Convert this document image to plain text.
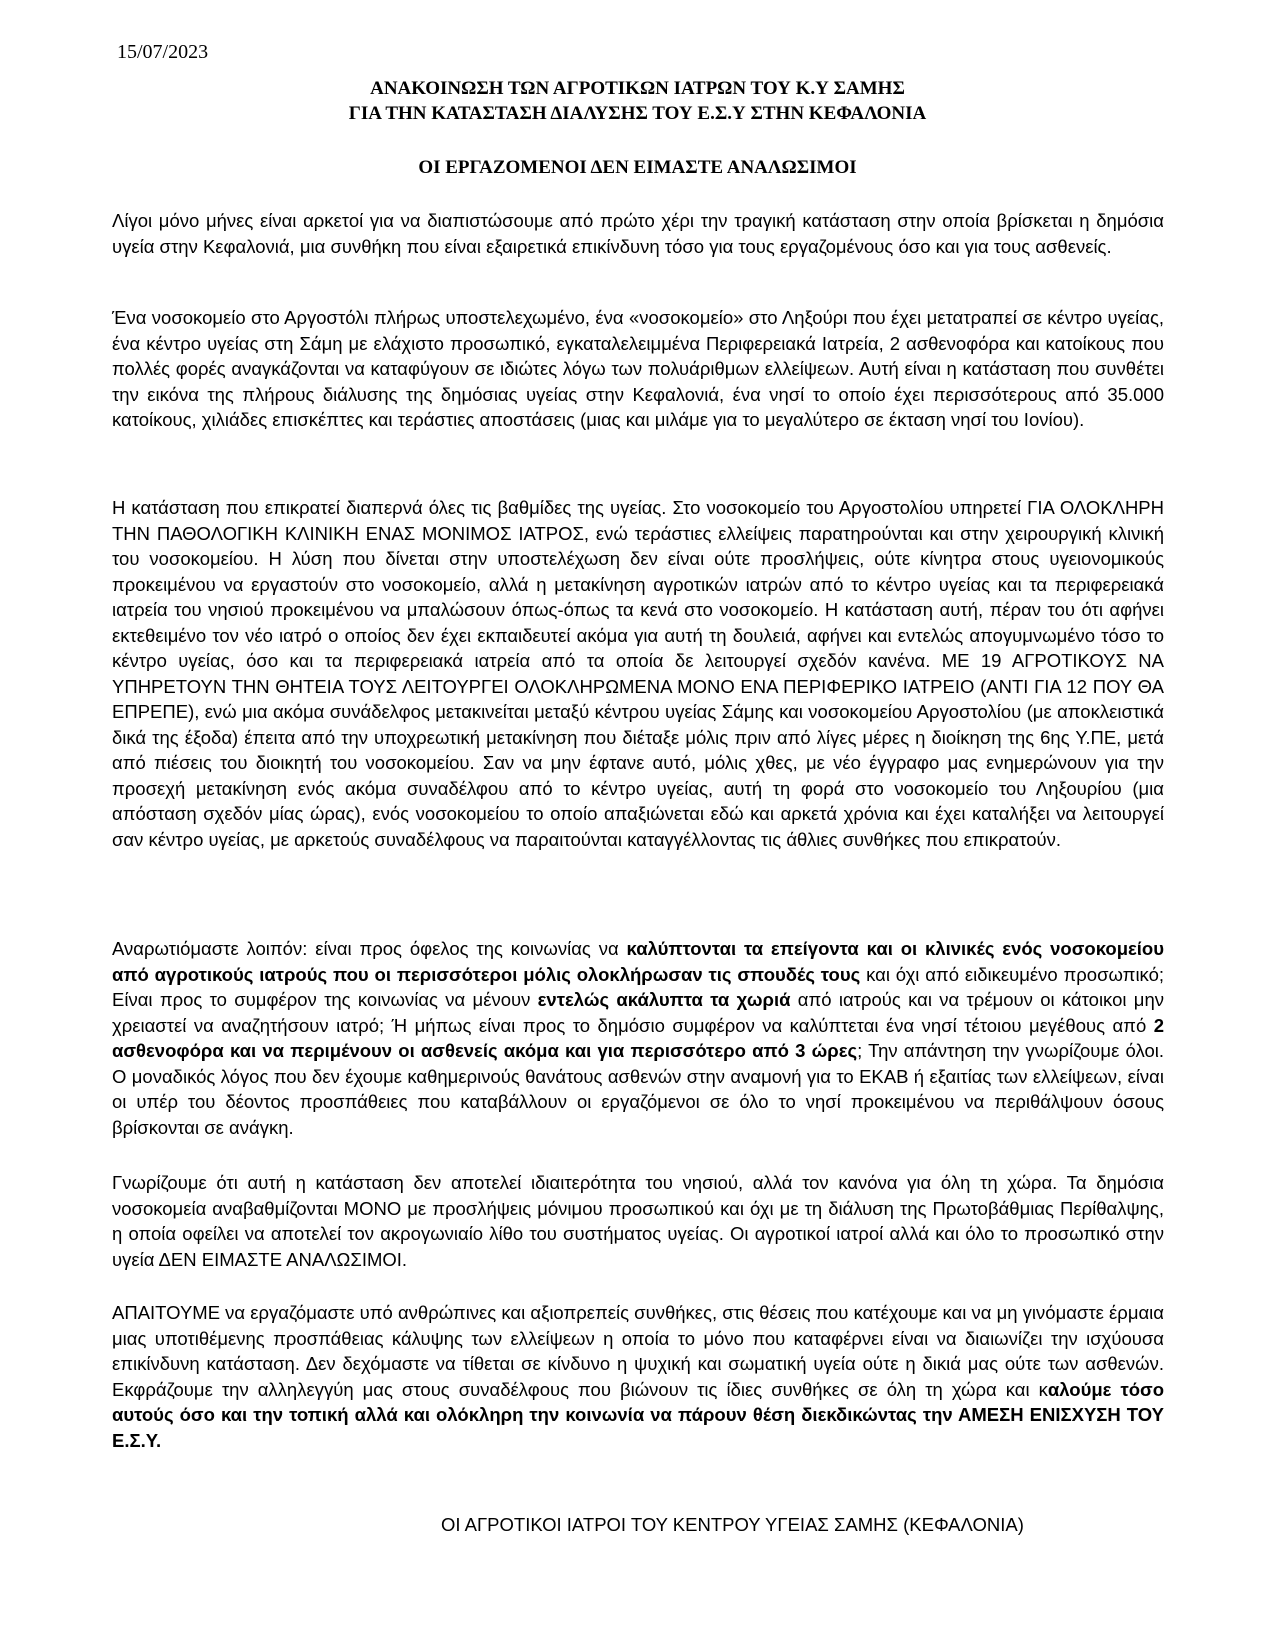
15/07/2023
ΑΝΑΚΟΙΝΩΣΗ ΤΩΝ ΑΓΡΟΤΙΚΩΝ ΙΑΤΡΩΝ ΤΟΥ Κ.Υ ΣΑΜΗΣ
ΓΙΑ ΤΗΝ ΚΑΤΑΣΤΑΣΗ ΔΙΑΛΥΣΗΣ ΤΟΥ Ε.Σ.Υ ΣΤΗΝ ΚΕΦΑΛΟΝΙΑ
ΟΙ ΕΡΓΑΖΟΜΕΝΟΙ ΔΕΝ ΕΙΜΑΣΤΕ ΑΝΑΛΩΣΙΜΟΙ

Λίγοι μόνο μήνες είναι αρκετοί για να διαπιστώσουμε από πρώτο χέρι την τραγική κατάσταση στην οποία βρίσκεται η δημόσια υγεία στην Κεφαλονιά, μια συνθήκη που είναι εξαιρετικά επικίνδυνη τόσο για τους εργαζομένους όσο και για τους ασθενείς.

Ένα νοσοκομείο στο Αργοστόλι πλήρως υποστελεχωμένο, ένα «νοσοκομείο» στο Ληξούρι που έχει μετατραπεί σε κέντρο υγείας, ένα κέντρο υγείας στη Σάμη με ελάχιστο προσωπικό, εγκαταλελειμμένα Περιφερειακά Ιατρεία, 2 ασθενοφόρα και κατοίκους που πολλές φορές αναγκάζονται να καταφύγουν σε ιδιώτες λόγω των πολυάριθμων ελλείψεων. Αυτή είναι η κατάσταση που συνθέτει την εικόνα της πλήρους διάλυσης της δημόσιας υγείας στην Κεφαλονιά, ένα νησί το οποίο έχει περισσότερους από 35.000 κατοίκους, χιλιάδες επισκέπτες και τεράστιες αποστάσεις (μιας και μιλάμε για το μεγαλύτερο σε έκταση νησί του Ιονίου).

Η κατάσταση που επικρατεί διαπερνά όλες τις βαθμίδες της υγείας. Στο νοσοκομείο του Αργοστολίου υπηρετεί ΓΙΑ ΟΛΟΚΛΗΡΗ ΤΗΝ ΠΑΘΟΛΟΓΙΚΗ ΚΛΙΝΙΚΗ ΕΝΑΣ ΜΟΝΙΜΟΣ ΙΑΤΡΟΣ, ενώ τεράστιες ελλείψεις παρατηρούνται και στην χειρουργική κλινική του νοσοκομείου. Η λύση που δίνεται στην υποστελέχωση δεν είναι ούτε προσλήψεις, ούτε κίνητρα στους υγειονομικούς προκειμένου να εργαστούν στο νοσοκομείο, αλλά η μετακίνηση αγροτικών ιατρών από το κέντρο υγείας και τα περιφερειακά ιατρεία του νησιού προκειμένου να μπαλώσουν όπως-όπως τα κενά στο νοσοκομείο. Η κατάσταση αυτή, πέραν του ότι αφήνει εκτεθειμένο τον νέο ιατρό ο οποίος δεν έχει εκπαιδευτεί ακόμα για αυτή τη δουλειά, αφήνει και εντελώς απογυμνωμένο τόσο το κέντρο υγείας, όσο και τα περιφερειακά ιατρεία από τα οποία δε λειτουργεί σχεδόν κανένα. ΜΕ 19 ΑΓΡΟΤΙΚΟΥΣ ΝΑ ΥΠΗΡΕΤΟΥΝ ΤΗΝ ΘΗΤΕΙΑ ΤΟΥΣ ΛΕΙΤΟΥΡΓΕΙ ΟΛΟΚΛΗΡΩΜΕΝΑ ΜΟΝΟ ΕΝΑ ΠΕΡΙΦΕΡΙΚΟ ΙΑΤΡΕΙΟ (ΑΝΤΙ ΓΙΑ 12 ΠΟΥ ΘΑ ΕΠΡΕΠΕ), ενώ μια ακόμα συνάδελφος μετακινείται μεταξύ κέντρου υγείας Σάμης και νοσοκομείου Αργοστολίου (με αποκλειστικά δικά της έξοδα) έπειτα από την υποχρεωτική μετακίνηση που διέταξε μόλις πριν από λίγες μέρες η διοίκηση της 6ης Υ.ΠΕ, μετά από πιέσεις του διοικητή του νοσοκομείου. Σαν να μην έφτανε αυτό, μόλις χθες, με νέο έγγραφο μας ενημερώνουν για την προσεχή μετακίνηση ενός ακόμα συναδέλφου από το κέντρο υγείας, αυτή τη φορά στο νοσοκομείο του Ληξουρίου (μια απόσταση σχεδόν μίας ώρας), ενός νοσοκομείου το οποίο απαξιώνεται εδώ και αρκετά χρόνια και έχει καταλήξει να λειτουργεί σαν κέντρο υγείας, με αρκετούς συναδέλφους να παραιτούνται καταγγέλλοντας τις άθλιες συνθήκες που επικρατούν.

Αναρωτιόμαστε λοιπόν: είναι προς όφελος της κοινωνίας να καλύπτονται τα επείγοντα και οι κλινικές ενός νοσοκομείου από αγροτικούς ιατρούς που οι περισσότεροι μόλις ολοκλήρωσαν τις σπουδές τους και όχι από ειδικευμένο προσωπικό; Είναι προς το συμφέρον της κοινωνίας να μένουν εντελώς ακάλυπτα τα χωριά από ιατρούς και να τρέμουν οι κάτοικοι μην χρειαστεί να αναζητήσουν ιατρό; Ή μήπως είναι προς το δημόσιο συμφέρον να καλύπτεται ένα νησί τέτοιου μεγέθους από 2 ασθενοφόρα και να περιμένουν οι ασθενείς ακόμα και για περισσότερο από 3 ώρες; Την απάντηση την γνωρίζουμε όλοι. Ο μοναδικός λόγος που δεν έχουμε καθημερινούς θανάτους ασθενών στην αναμονή για το ΕΚΑΒ ή εξαιτίας των ελλείψεων, είναι οι υπέρ του δέοντος προσπάθειες που καταβάλλουν οι εργαζόμενοι σε όλο το νησί προκειμένου να περιθάλψουν όσους βρίσκονται σε ανάγκη.

Γνωρίζουμε ότι αυτή η κατάσταση δεν αποτελεί ιδιαιτερότητα του νησιού, αλλά τον κανόνα για όλη τη χώρα. Τα δημόσια νοσοκομεία αναβαθμίζονται ΜΟΝΟ με προσλήψεις μόνιμου προσωπικού και όχι με τη διάλυση της Πρωτοβάθμιας Περίθαλψης, η οποία οφείλει να αποτελεί τον ακρογωνιαίο λίθο του συστήματος υγείας. Οι αγροτικοί ιατροί αλλά και όλο το προσωπικό στην υγεία ΔΕΝ ΕΙΜΑΣΤΕ ΑΝΑΛΩΣΙΜΟΙ.

ΑΠΑΙΤΟΥΜΕ να εργαζόμαστε υπό ανθρώπινες και αξιοπρεπείς συνθήκες, στις θέσεις που κατέχουμε και να μη γινόμαστε έρμαια μιας υποτιθέμενης προσπάθειας κάλυψης των ελλείψεων η οποία το μόνο που καταφέρνει είναι να διαιωνίζει την ισχύουσα επικίνδυνη κατάσταση. Δεν δεχόμαστε να τίθεται σε κίνδυνο η ψυχική και σωματική υγεία ούτε η δικιά μας ούτε των ασθενών. Εκφράζουμε την αλληλεγγύη μας στους συναδέλφους που βιώνουν τις ίδιες συνθήκες σε όλη τη χώρα και καλούμε τόσο αυτούς όσο και την τοπική αλλά και ολόκληρη την κοινωνία να πάρουν θέση διεκδικώντας την ΑΜΕΣΗ ΕΝΙΣΧΥΣΗ ΤΟΥ Ε.Σ.Υ.

ΟΙ ΑΓΡΟΤΙΚΟΙ ΙΑΤΡΟΙ ΤΟΥ ΚΕΝΤΡΟΥ ΥΓΕΙΑΣ ΣΑΜΗΣ (ΚΕΦΑΛΟΝΙΑ)
